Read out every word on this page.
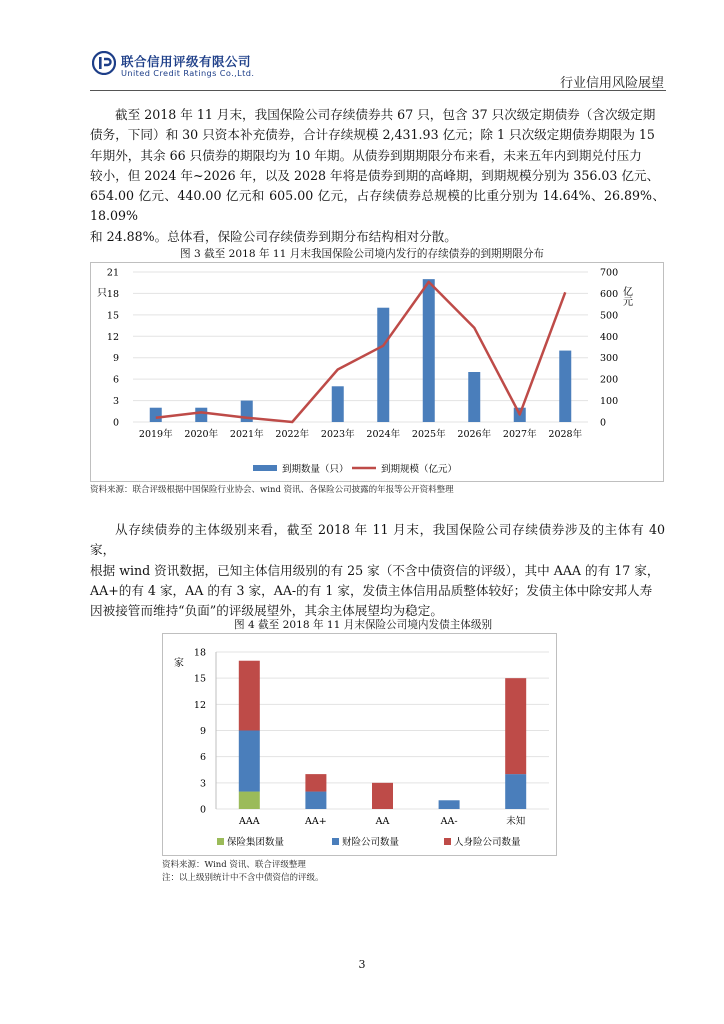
联合信用评级有限公司
United Credit Ratings Co.,Ltd.
行业信用风险展望
截至 2018 年 11 月末，我国保险公司存续债券共 67 只，包含 37 只次级定期债券（含次级定期
债务，下同）和 30 只资本补充债券，合计存续规模 2,431.93 亿元；除 1 只次级定期债券期限为 15
年期外，其余 66 只债券的期限均为 10 年期。从债券到期期限分布来看，未来五年内到期兑付压力
较小，但 2024 年~2026 年，以及 2028 年将是债券到期的高峰期，到期规模分别为 356.03 亿元、
654.00 亿元、440.00 亿元和 605.00 亿元，占存续债券总规模的比重分别为 14.64%、26.89%、18.09%
和 24.88%。总体看，保险公司存续债券到期分布结构相对分散。
图 3 截至 2018 年 11 月末我国保险公司境内发行的存续债券的到期期限分布
只	亿
元
0
3
6
9
12
15
18
21
0
100
200
300
400
500
600
700
2019年 2020年 2021年 2022年 2023年 2024年 2025年 2026年 2027年 2028年
到期数量（只）	到期规模（亿元）
资料来源：联合评级根据中国保险行业协会、wind 资讯、各保险公司披露的年报等公开资料整理
从存续债券的主体级别来看，截至 2018 年 11 月末，我国保险公司存续债券涉及的主体有 40 家，
根据 wind 资讯数据，已知主体信用级别的有 25 家（不含中债资信的评级），其中 AAA 的有 17 家，
AA+的有 4 家，AA 的有 3 家，AA-的有 1 家，发债主体信用品质整体较好；发债主体中除安邦人寿
因被接管而维持“负面”的评级展望外，其余主体展望均为稳定。
图 4 截至 2018 年 11 月末保险公司境内发债主体级别
家
0
3
6
9
12
15
18
AAA	AA+	AA	AA-	未知
保险集团数量	财险公司数量	人身险公司数量
资料来源：Wind 资讯、联合评级整理
注：以上级别统计中不含中债资信的评级。
3
